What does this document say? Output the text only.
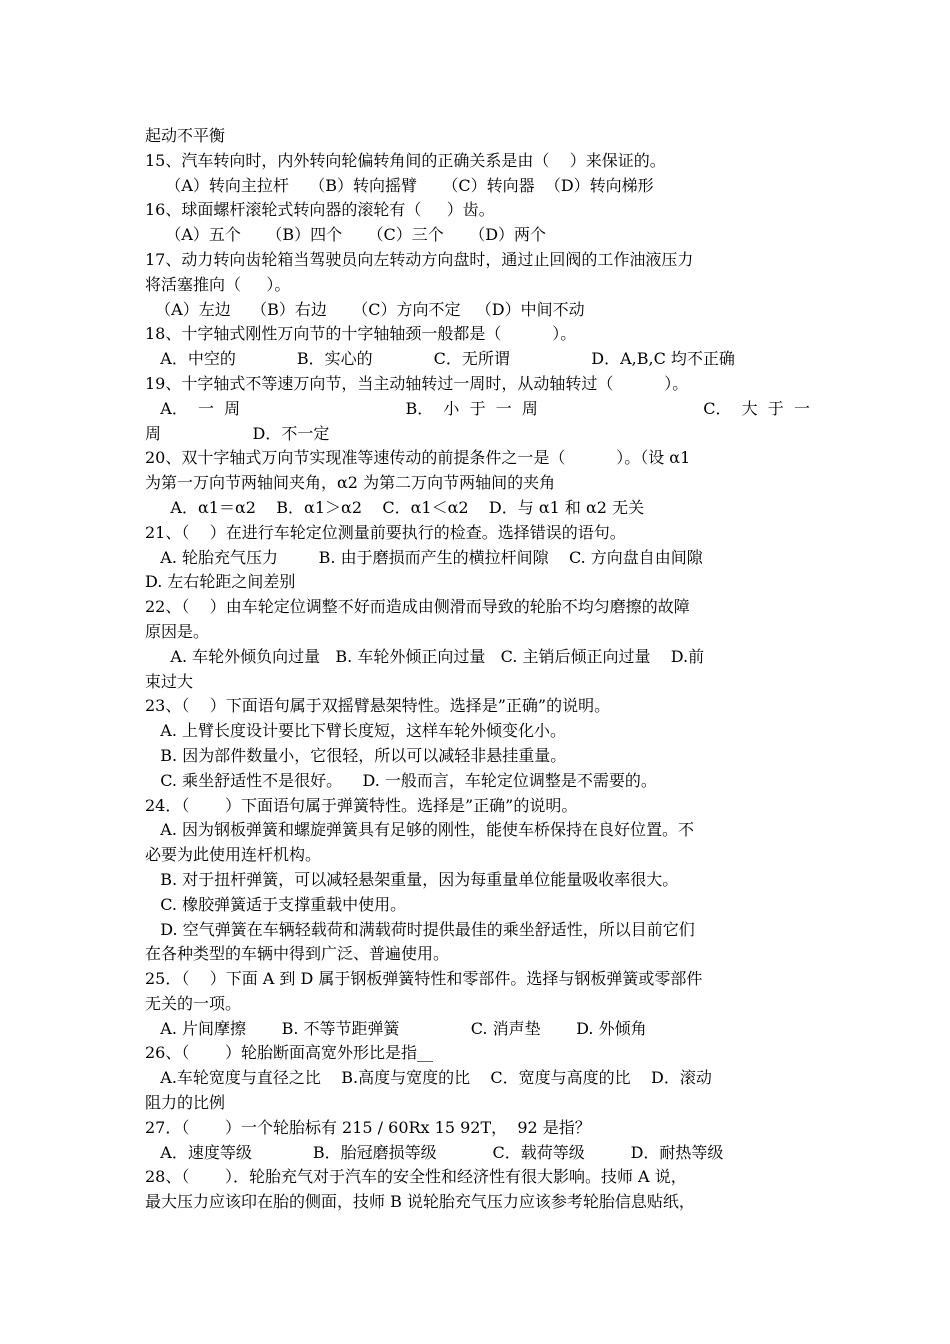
起动不平衡
15、汽车转向时，内外转向轮偏转角间的正确关系是由（    ）来保证的。
（A）转向主拉杆    （B）转向摇臂     （C）转向器  （D）转向梯形
16、球面螺杆滚轮式转向器的滚轮有（     ）齿。
（A）五个     （B）四个     （C）三个     （D）两个
17、动力转向齿轮箱当驾驶员向左转动方向盘时，通过止回阀的工作油液压力
将活塞推向（     ）。
（A）左边    （B）右边     （C）方向不定   （D）中间不动
18、十字轴式刚性万向节的十字轴轴颈一般都是（          ）。
A．中空的            B．实心的            C．无所谓                D．A,B,C 均不正确
19、十字轴式不等速万向节，当主动轴转过一周时，从动轴转过（          ）。
A．  一  周	B．  小  于  一  周	C．  大  于  一
周                  D．不一定
20、双十字轴式万向节实现准等速传动的前提条件之一是（          ）。（设 α1
为第一万向节两轴间夹角，α2 为第二万向节两轴间的夹角
A．α1＝α2    B．α1＞α2    C．α1＜α2    D．与 α1 和 α2 无关
21、（    ）在进行车轮定位测量前要执行的检查。选择错误的语句。
A. 轮胎充气压力        B. 由于磨损而产生的横拉杆间隙    C. 方向盘自由间隙
D. 左右轮距之间差别
22、（    ）由车轮定位调整不好而造成由侧滑而导致的轮胎不均匀磨擦的故障
原因是。
A. 车轮外倾负向过量   B. 车轮外倾正向过量   C. 主销后倾正向过量    D.前
束过大
23、（    ）下面语句属于双摇臂悬架特性。选择是”正确”的说明。
A. 上臂长度设计要比下臂长度短，这样车轮外倾变化小。
B. 因为部件数量小，它很轻，所以可以减轻非悬挂重量。
C. 乘坐舒适性不是很好。    D. 一般而言，车轮定位调整是不需要的。
24．（       ）下面语句属于弹簧特性。选择是”正确”的说明。
A. 因为钢板弹簧和螺旋弹簧具有足够的刚性，能使车桥保持在良好位置。不
必要为此使用连杆机构。
B. 对于扭杆弹簧，可以减轻悬架重量，因为每重量单位能量吸收率很大。
C. 橡胶弹簧适于支撑重载中使用。
D. 空气弹簧在车辆轻载荷和满载荷时提供最佳的乘坐舒适性，所以目前它们
在各种类型的车辆中得到广泛、普遍使用。
25．（    ）下面 A 到 D 属于钢板弹簧特性和零部件。选择与钢板弹簧或零部件
无关的一项。
A. 片间摩擦       B. 不等节距弹簧              C. 消声垫       D. 外倾角
26、（       ）轮胎断面高宽外形比是指__
A.车轮宽度与直径之比    B.高度与宽度的比    C．宽度与高度的比    D．滚动
阻力的比例
27．（       ）一个轮胎标有 215 / 60Rx 15 92T，  92 是指？
A．速度等级            B．胎冠磨损等级           C．载荷等级         D．耐热等级
28、（       ）．轮胎充气对于汽车的安全性和经济性有很大影响。技师 A 说，
最大压力应该印在胎的侧面，技师 B 说轮胎充气压力应该参考轮胎信息贴纸，
